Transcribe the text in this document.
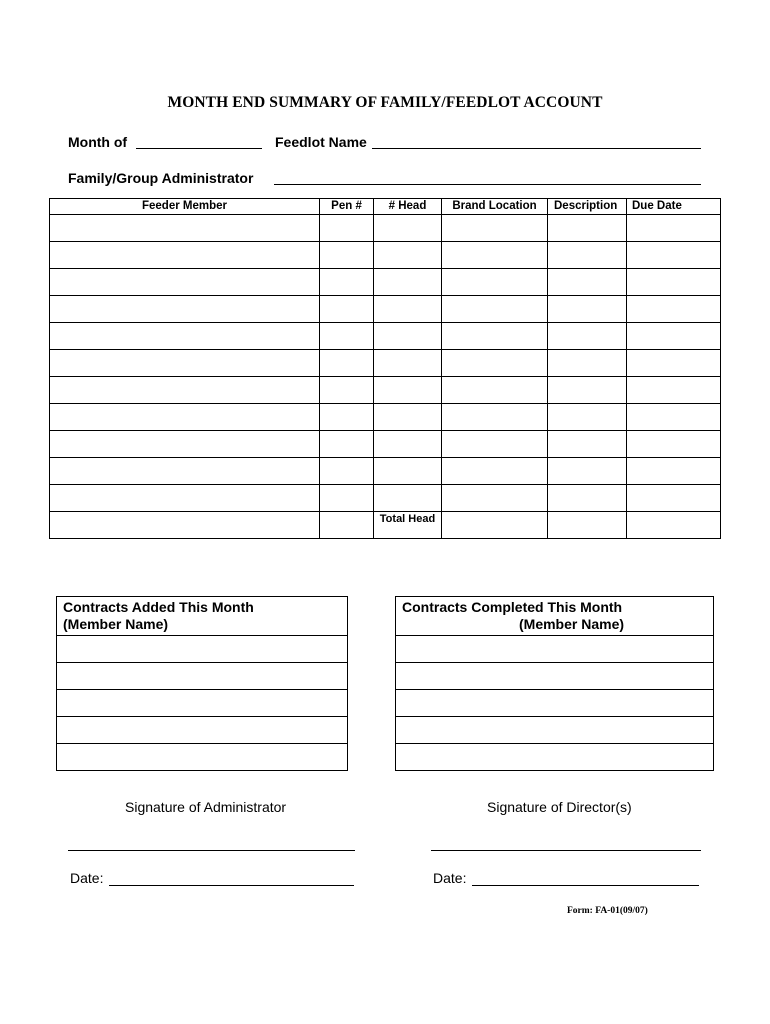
MONTH END SUMMARY OF FAMILY/FEEDLOT ACCOUNT
Month of	Feedlot Name
Family/Group Administrator
Feeder Member	Pen #	# Head	Brand Location	Description	Due Date

		Total Head			
Contracts Added This Month
(Member Name)

Contracts Completed This Month
(Member Name)

Signature of Administrator	Signature of Director(s)
Date:	Date:
Form: FA-01(09/07)
